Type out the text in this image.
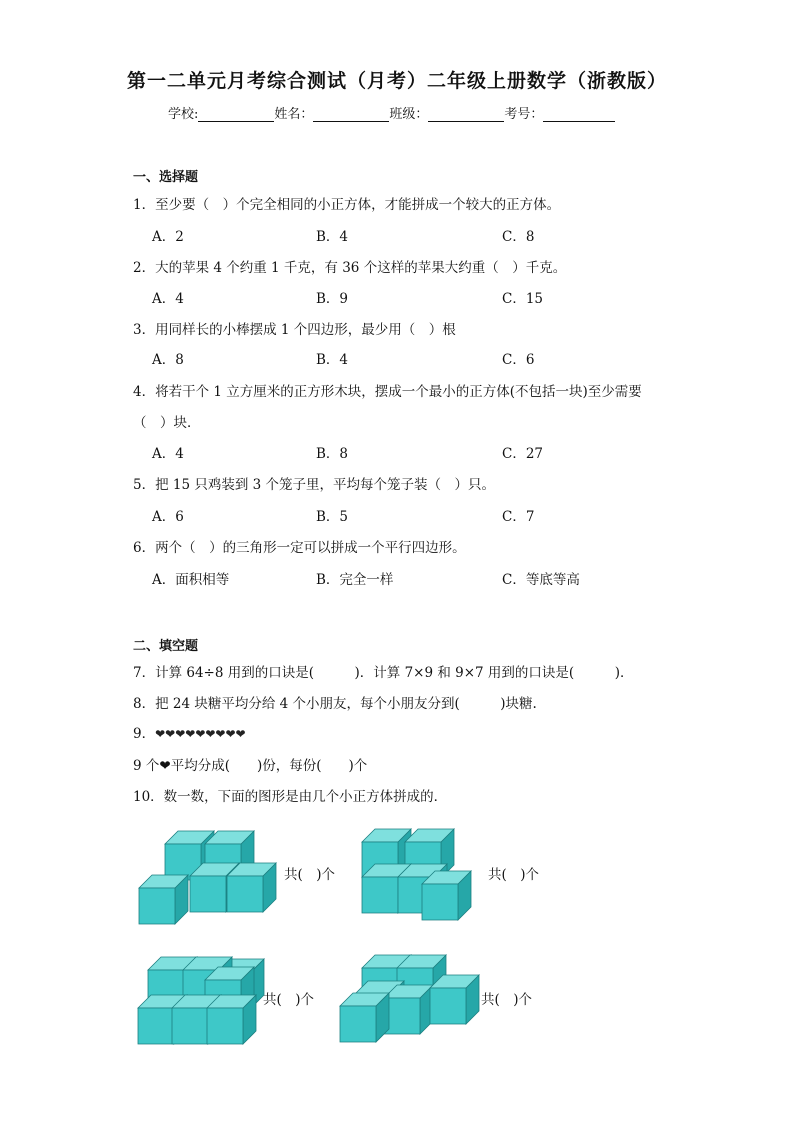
第一二单元月考综合测试（月考）二年级上册数学（浙教版）
学校:	姓名：	班级：	考号：
一、选择题
1．至少要（　）个完全相同的小正方体，才能拼成一个较大的正方体。
A．2	B．4	C．8
2．大的苹果 4 个约重 1 千克，有 36 个这样的苹果大约重（　）千克。
A．4	B．9	C．15
3．用同样长的小棒摆成 1 个四边形，最少用（　）根
A．8	B．4	C．6
4．将若干个 1 立方厘米的正方形木块，摆成一个最小的正方体(不包括一块)至少需要
（　）块．
A．4	B．8	C．27
5．把 15 只鸡装到 3 个笼子里，平均每个笼子装（　）只。
A．6	B．5	C．7
6．两个（　）的三角形一定可以拼成一个平行四边形。
A．面积相等	B．完全一样	C．等底等高
二、填空题
7．计算 64÷8 用到的口诀是(　　　)．计算 7×9 和 9×7 用到的口诀是(　　　)．
8．把 24 块糖平均分给 4 个小朋友，每个小朋友分到(　　　)块糖.
9．❤❤❤❤❤❤❤❤❤
9 个❤平均分成(　　)份，每份(　　)个
10．数一数，下面的图形是由几个小正方体拼成的．
共(　)个	共(　)个
共(　)个	共(　)个
